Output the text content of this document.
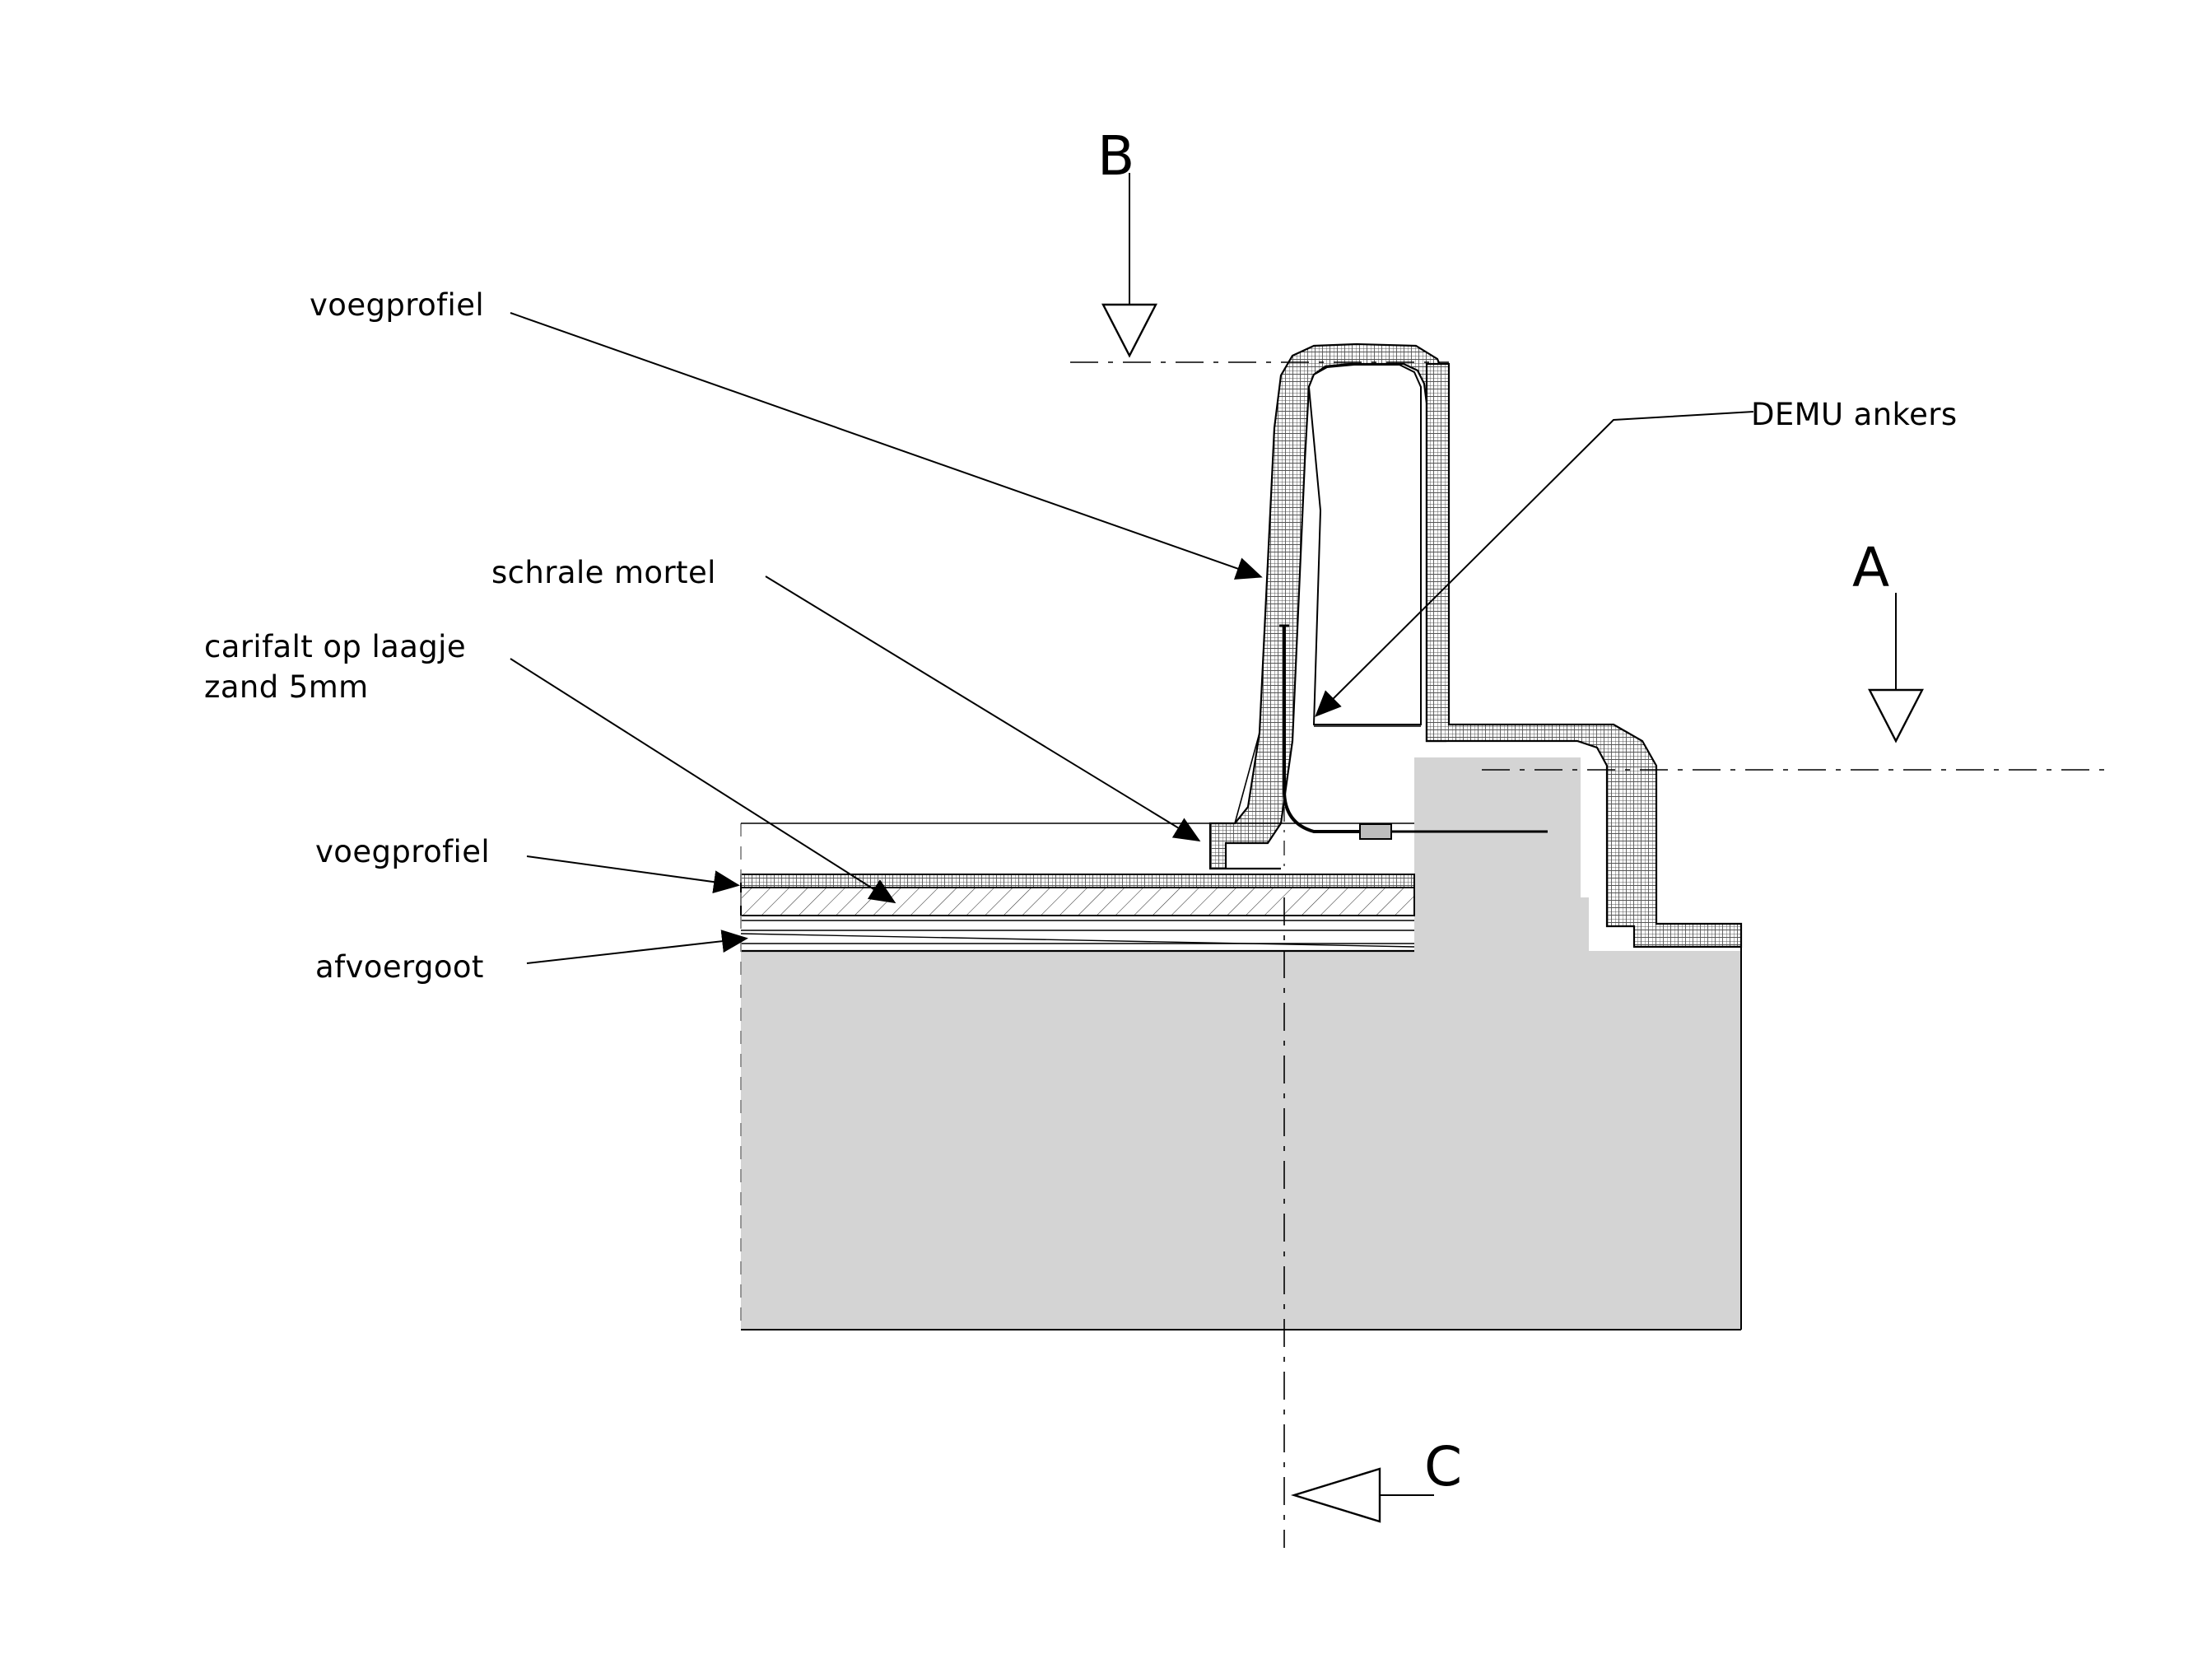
voegprofiel
schrale mortel
carifalt op laagje
zand 5mm
voegprofiel
afvoergoot
DEMU ankers
B
A
C
